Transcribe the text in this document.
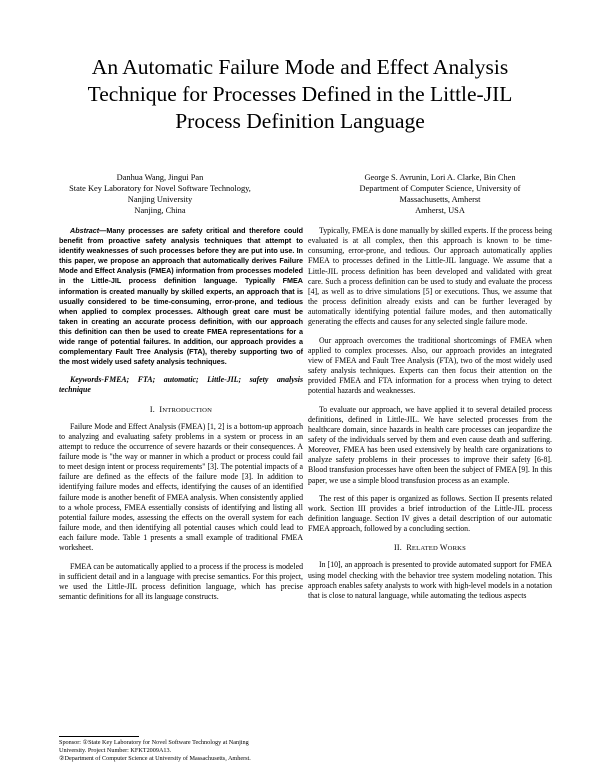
An Automatic Failure Mode and Effect Analysis
Technique for Processes Defined in the Little-JIL
Process Definition Language
Danhua Wang, Jingui Pan
State Key Laboratory for Novel Software Technology,
Nanjing University
Nanjing, China
George S. Avrunin, Lori A. Clarke, Bin Chen
Department of Computer Science, University of
Massachusetts, Amherst
Amherst, USA

Abstract—Many processes are safety critical and therefore could benefit from proactive safety analysis techniques that attempt to identify weaknesses of such processes before they are put into use. In this paper, we propose an approach that automatically derives Failure Mode and Effect Analysis (FMEA) information from processes modeled in the Little-JIL process definition language. Typically FMEA information is created manually by skilled experts, an approach that is usually considered to be time-consuming, error-prone, and tedious when applied to complex processes. Although great care must be taken in creating an accurate process definition, with our approach this definition can then be used to create FMEA representations for a wide range of potential failures. In addition, our approach provides a complementary Fault Tree Analysis (FTA), thereby supporting two of the most widely used safety analysis techniques.

Keywords-FMEA; FTA; automatic; Little-JIL; safety analysis technique

I. INTRODUCTION

Failure Mode and Effect Analysis (FMEA) [1, 2] is a bottom-up approach to analyzing and evaluating safety problems in a system or process in an attempt to reduce the occurrence of severe hazards or their consequences. A failure mode is "the way or manner in which a product or process could fail to meet design intent or process requirements" [3]. The potential impacts of a failure are defined as the effects of the failure mode [3]. In addition to identifying failure modes and effects, identifying the causes of an identified failure mode is another benefit of FMEA analysis. When consistently applied to a whole process, FMEA essentially consists of identifying and listing all potential failure modes, assessing the effects on the overall system for each failure mode, and then identifying all potential causes which could lead to each failure mode. Table 1 presents a small example of traditional FMEA worksheet.

FMEA can be automatically applied to a process if the process is modeled in sufficient detail and in a language with precise semantics. For this project, we used the Little-JIL process definition language, which has precise semantic definitions for all its language constructs.

Typically, FMEA is done manually by skilled experts. If the process being evaluated is at all complex, then this approach is known to be time-consuming, error-prone, and tedious. Our approach automatically applies FMEA to processes defined in the Little-JIL language. We assume that a Little-JIL process definition has been developed and validated with great care. Such a process definition can be used to study and evaluate the process [4], as well as to drive simulations [5] or executions. Thus, we assume that the process definition already exists and can be further leveraged by automatically identifying potential failure modes, and then automatically generating the effects and causes for any selected single failure mode.

Our approach overcomes the traditional shortcomings of FMEA when applied to complex processes. Also, our approach provides an integrated view of FMEA and Fault Tree Analysis (FTA), two of the most widely used safety analysis techniques. Experts can then focus their attention on the provided FMEA and FTA information for a process when trying to detect potential hazards and weaknesses.

To evaluate our approach, we have applied it to several detailed process definitions, defined in Little-JIL. We have selected processes from the healthcare domain, since hazards in health care processes can jeopardize the safety of the individuals served by them and even cause death and suffering. Moreover, FMEA has been used extensively by health care organizations to analyze safety problems in their processes to improve their safety [6-8]. Blood transfusion processes have often been the subject of FMEA [9]. In this paper, we use a simple blood transfusion process as an example.

The rest of this paper is organized as follows. Section II presents related work. Section III provides a brief introduction of the Little-JIL process definition language. Section IV gives a detail description of our automatic FMEA approach, followed by a concluding section.

II. RELATED WORKS

In [10], an approach is presented to provide automated support for FMEA using model checking with the behavior tree system modeling notation. This approach enables safety analysts to work with high-level models in a notation that is close to natural language, while automating the tedious aspects

Sponsor: ①State Key Laboratory for Novel Software Technology at Nanjing
University. Project Number: KFKT2009A13.
②Department of Computer Science at University of Massachusetts, Amherst.
